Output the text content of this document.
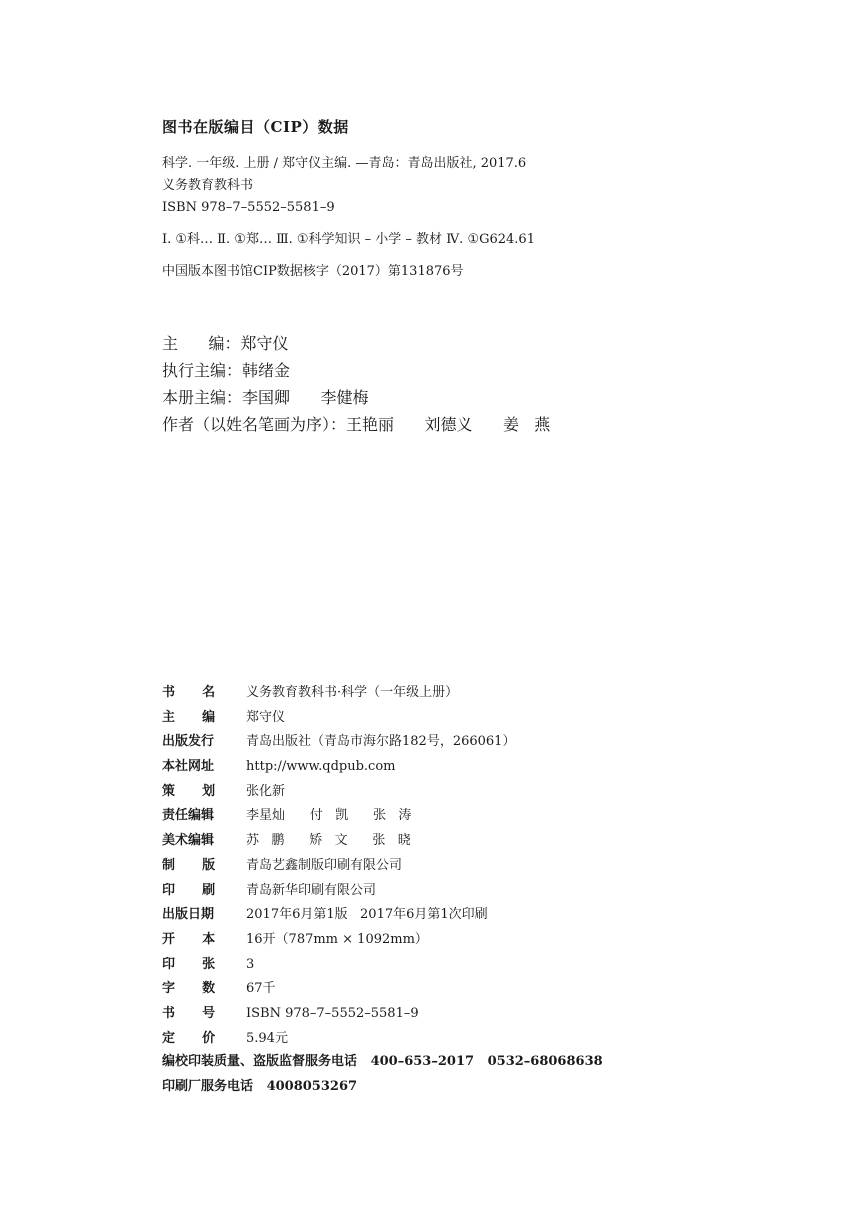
图书在版编目（CIP）数据
科学. 一年级. 上册 / 郑守仪主编. —青岛：青岛出版社, 2017.6
义务教育教科书
ISBN 978–7–5552–5581–9
Ⅰ. ①科… Ⅱ. ①郑… Ⅲ. ①科学知识 – 小学 – 教材 Ⅳ. ①G624.61
中国版本图书馆CIP数据核字（2017）第131876号
主      编：郑守仪
执行主编：韩绪金
本册主编：李国卿      李健梅
作者（以姓名笔画为序）：王艳丽      刘德义      姜   燕
书      名	义务教育教科书·科学（一年级上册）
主      编	郑守仪
出版发行	青岛出版社（青岛市海尔路182号，266061）
本社网址	http://www.qdpub.com
策      划	张化新
责任编辑	李星灿      付   凯      张   涛
美术编辑	苏   鹏      矫   文      张   晓
制      版	青岛艺鑫制版印刷有限公司
印      刷	青岛新华印刷有限公司
出版日期	2017年6月第1版   2017年6月第1次印刷
开      本	16开（787mm × 1092mm）
印      张	3
字      数	67千
书      号	ISBN 978–7–5552–5581–9
定      价	5.94元
编校印装质量、盗版监督服务电话   400–653–2017   0532–68068638
印刷厂服务电话   4008053267
